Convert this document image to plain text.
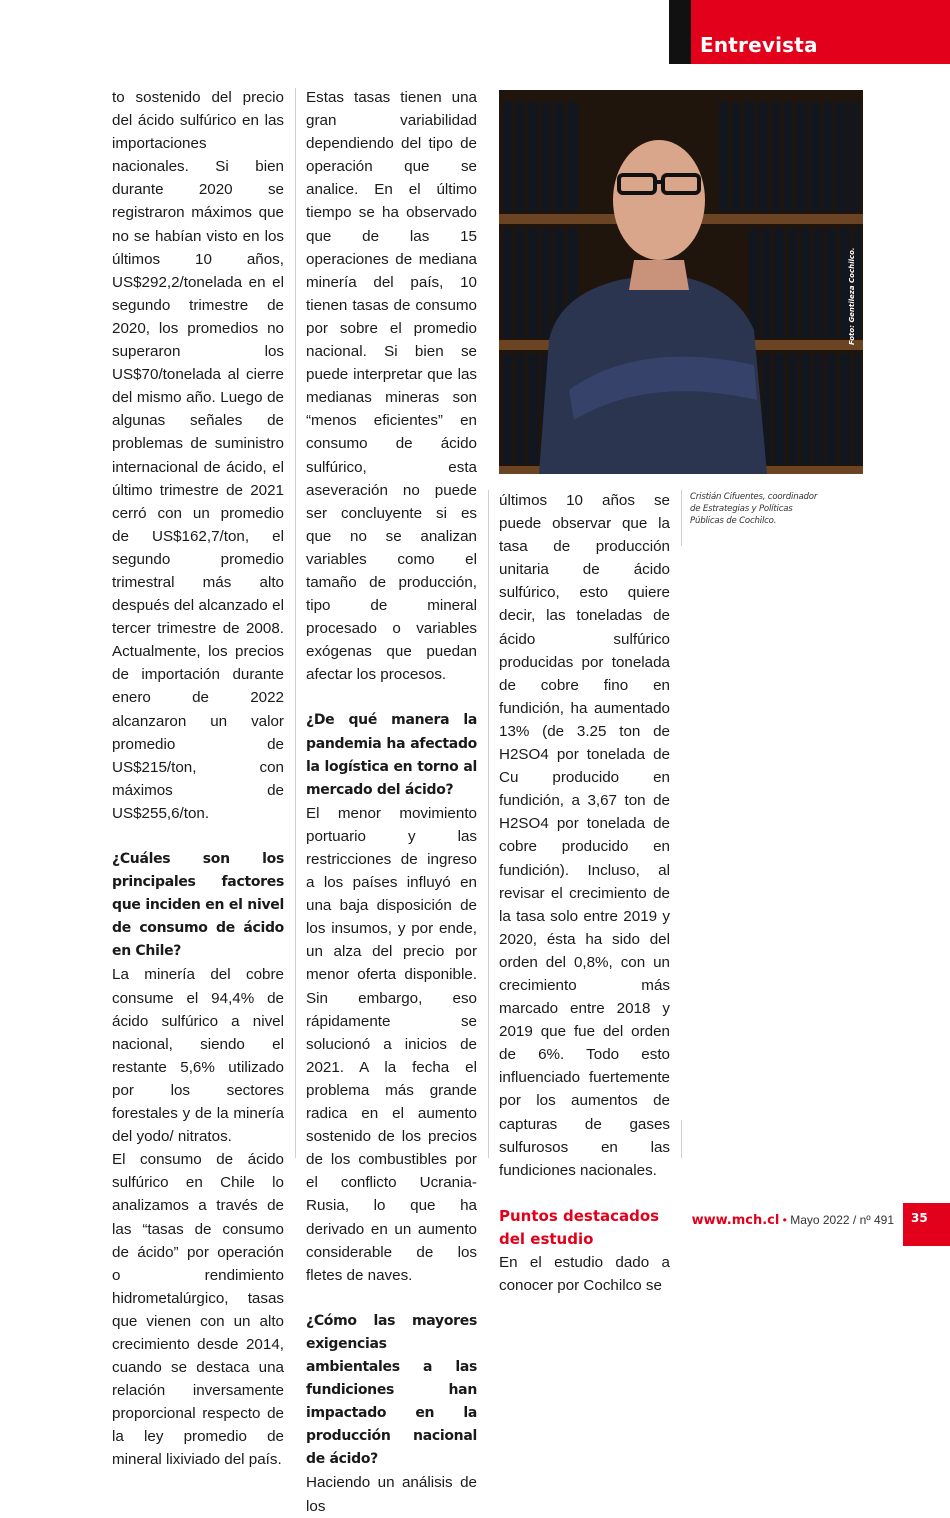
Entrevista

to sostenido del precio del ácido sulfúrico en las importaciones nacionales. Si bien durante 2020 se registraron máximos que no se habían visto en los últimos 10 años, US$292,2/tonelada en el segundo trimestre de 2020, los promedios no superaron los US$70/tonelada al cierre del mismo año. Luego de algunas señales de problemas de suministro internacional de ácido, el último trimestre de 2021 cerró con un promedio de US$162,7/ton, el segundo promedio trimestral más alto después del alcanzado el tercer trimestre de 2008. Actualmente, los precios de importación durante enero de 2022 alcanzaron un valor promedio de US$215/ton, con máximos de US$255,6/ton.

¿Cuáles son los principales factores que inciden en el nivel de consumo de ácido en Chile?

La minería del cobre consume el 94,4% de ácido sulfúrico a nivel nacional, siendo el restante 5,6% utilizado por los sectores forestales y de la minería del yodo/ nitratos.

El consumo de ácido sulfúrico en Chile lo analizamos a través de las “tasas de consumo de ácido” por operación o rendimiento hidrometalúrgico, tasas que vienen con un alto crecimiento desde 2014, cuando se destaca una relación inversamente proporcional respecto de la ley promedio de mineral lixiviado del país.

Estas tasas tienen una gran variabilidad dependiendo del tipo de operación que se analice. En el último tiempo se ha observado que de las 15 operaciones de mediana minería del país, 10 tienen tasas de consumo por sobre el promedio nacional. Si bien se puede interpretar que las medianas mineras son “menos eficientes” en consumo de ácido sulfúrico, esta aseveración no puede ser concluyente si es que no se analizan variables como el tamaño de producción, tipo de mineral procesado o variables exógenas que puedan afectar los procesos.

¿De qué manera la pandemia ha afectado la logística en torno al mercado del ácido?

El menor movimiento portuario y las restricciones de ingreso a los países influyó en una baja disposición de los insumos, y por ende, un alza del precio por menor oferta disponible. Sin embargo, eso rápidamente se solucionó a inicios de 2021. A la fecha el problema más grande radica en el aumento sostenido de los precios de los combustibles por el conflicto Ucrania-Rusia, lo que ha derivado en un aumento considerable de los fletes de naves.

¿Cómo las mayores exigencias ambientales a las fundiciones han impactado en la producción nacional de ácido?

Haciendo un análisis de los

Foto: Gentileza Cochilco.
Cristián Cifuentes, coordinador de Estrategias y Políticas Públicas de Cochilco.

últimos 10 años se puede observar que la tasa de producción unitaria de ácido sulfúrico, esto quiere decir, las toneladas de ácido sulfúrico producidas por tonelada de cobre fino en fundición, ha aumentado 13% (de 3.25 ton de H2SO4 por tonelada de Cu producido en fundición, a 3,67 ton de H2SO4 por tonelada de cobre producido en fundición). Incluso, al revisar el crecimiento de la tasa solo entre 2019 y 2020, ésta ha sido del orden del 0,8%, con un crecimiento más marcado entre 2018 y 2019 que fue del orden de 6%. Todo esto influenciado fuertemente por los aumentos de capturas de gases sulfurosos en las fundiciones nacionales.

Puntos destacados del estudio

En el estudio dado a conocer por Cochilco se

www.mch.cl • Mayo 2022 / nº 491 35
